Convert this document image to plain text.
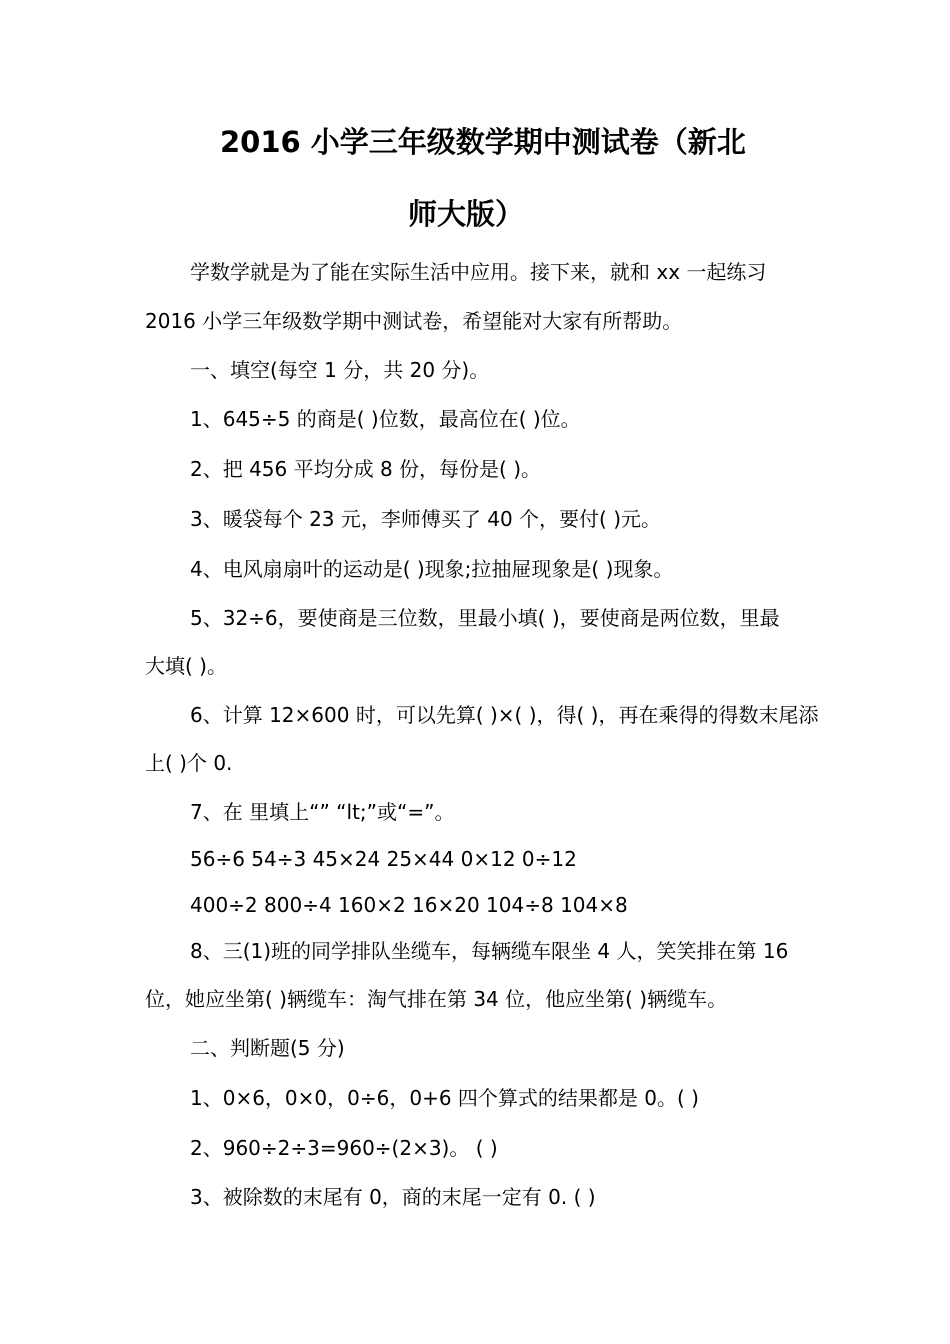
2016 小学三年级数学期中测试卷（新北
师大版）
学数学就是为了能在实际生活中应用。接下来，就和 xx 一起练习
2016 小学三年级数学期中测试卷，希望能对大家有所帮助。
一、填空(每空 1 分，共 20 分)。
1、645÷5 的商是( )位数，最高位在( )位。
2、把 456 平均分成 8 份，每份是( )。
3、暖袋每个 23 元，李师傅买了 40 个，要付( )元。
4、电风扇扇叶的运动是( )现象;拉抽屉现象是( )现象。
5、32÷6，要使商是三位数，里最小填( )，要使商是两位数，里最
大填( )。
6、计算 12×600 时，可以先算( )×( )，得( )，再在乘得的得数末尾添
上( )个 0.
7、在 里填上“” “lt;”或“=”。
56÷6 54÷3 45×24 25×44 0×12 0÷12
400÷2 800÷4 160×2 16×20 104÷8 104×8
8、三(1)班的同学排队坐缆车，每辆缆车限坐 4 人，笑笑排在第 16
位，她应坐第( )辆缆车：淘气排在第 34 位，他应坐第( )辆缆车。
二、判断题(5 分)
1、0×6，0×0，0÷6，0+6 四个算式的结果都是 0。( )
2、960÷2÷3=960÷(2×3)。 ( )
3、被除数的末尾有 0，商的末尾一定有 0. ( )
